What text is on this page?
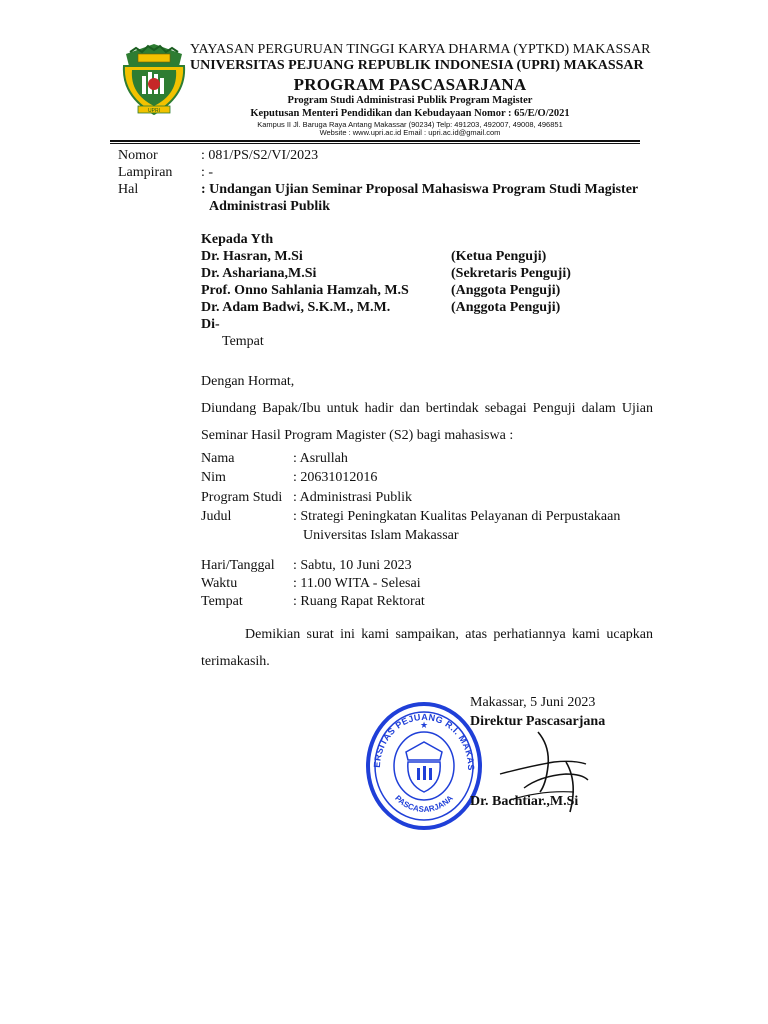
UPRI
YAYASAN PERGURUAN TINGGI KARYA DHARMA (YPTKD) MAKASSAR
UNIVERSITAS PEJUANG REPUBLIK INDONESIA (UPRI) MAKASSAR
PROGRAM PASCASARJANA
Program Studi Administrasi Publik Program Magister
Keputusan Menteri Pendidikan dan Kebudayaan Nomor : 65/E/O/2021
Kampus II Jl. Baruga Raya Antang Makassar (90234) Telp: 491203, 492007, 49008, 496851
Website : www.upri.ac.id Email : upri.ac.id@gmail.com
Nomor	: 081/PS/S2/VI/2023
Lampiran : -
Hal	: Undangan Ujian Seminar Proposal Mahasiswa Program Studi Magister
Administrasi Publik
Kepada Yth
Dr. Hasran, M.Si	(Ketua Penguji)
Dr. Ashariana,M.Si	(Sekretaris Penguji)
Prof. Onno Sahlania Hamzah, M.S	(Anggota Penguji)
Dr. Adam Badwi, S.K.M., M.M.	(Anggota Penguji)
Di-
Tempat
Dengan Hormat,
Diundang Bapak/Ibu untuk hadir dan bertindak sebagai Penguji dalam Ujian
Seminar Hasil Program Magister (S2) bagi mahasiswa :
Nama	: Asrullah
Nim	: 20631012016
Program Studi : Administrasi Publik
Judul	: Strategi Peningkatan Kualitas Pelayanan di Perpustakaan
Universitas Islam Makassar
Hari/Tanggal : Sabtu, 10 Juni 2023
Waktu	: 11.00 WITA - Selesai
Tempat	: Ruang Rapat Rektorat
Demikian surat ini kami sampaikan, atas perhatiannya kami ucapkan
terimakasih.
Makassar, 5 Juni 2023
Direktur Pascasarjana
ERSITAS PEJUANG R.I. MAKAS
PASCASARJANA
★
Dr. Bachtiar.,M.Si
